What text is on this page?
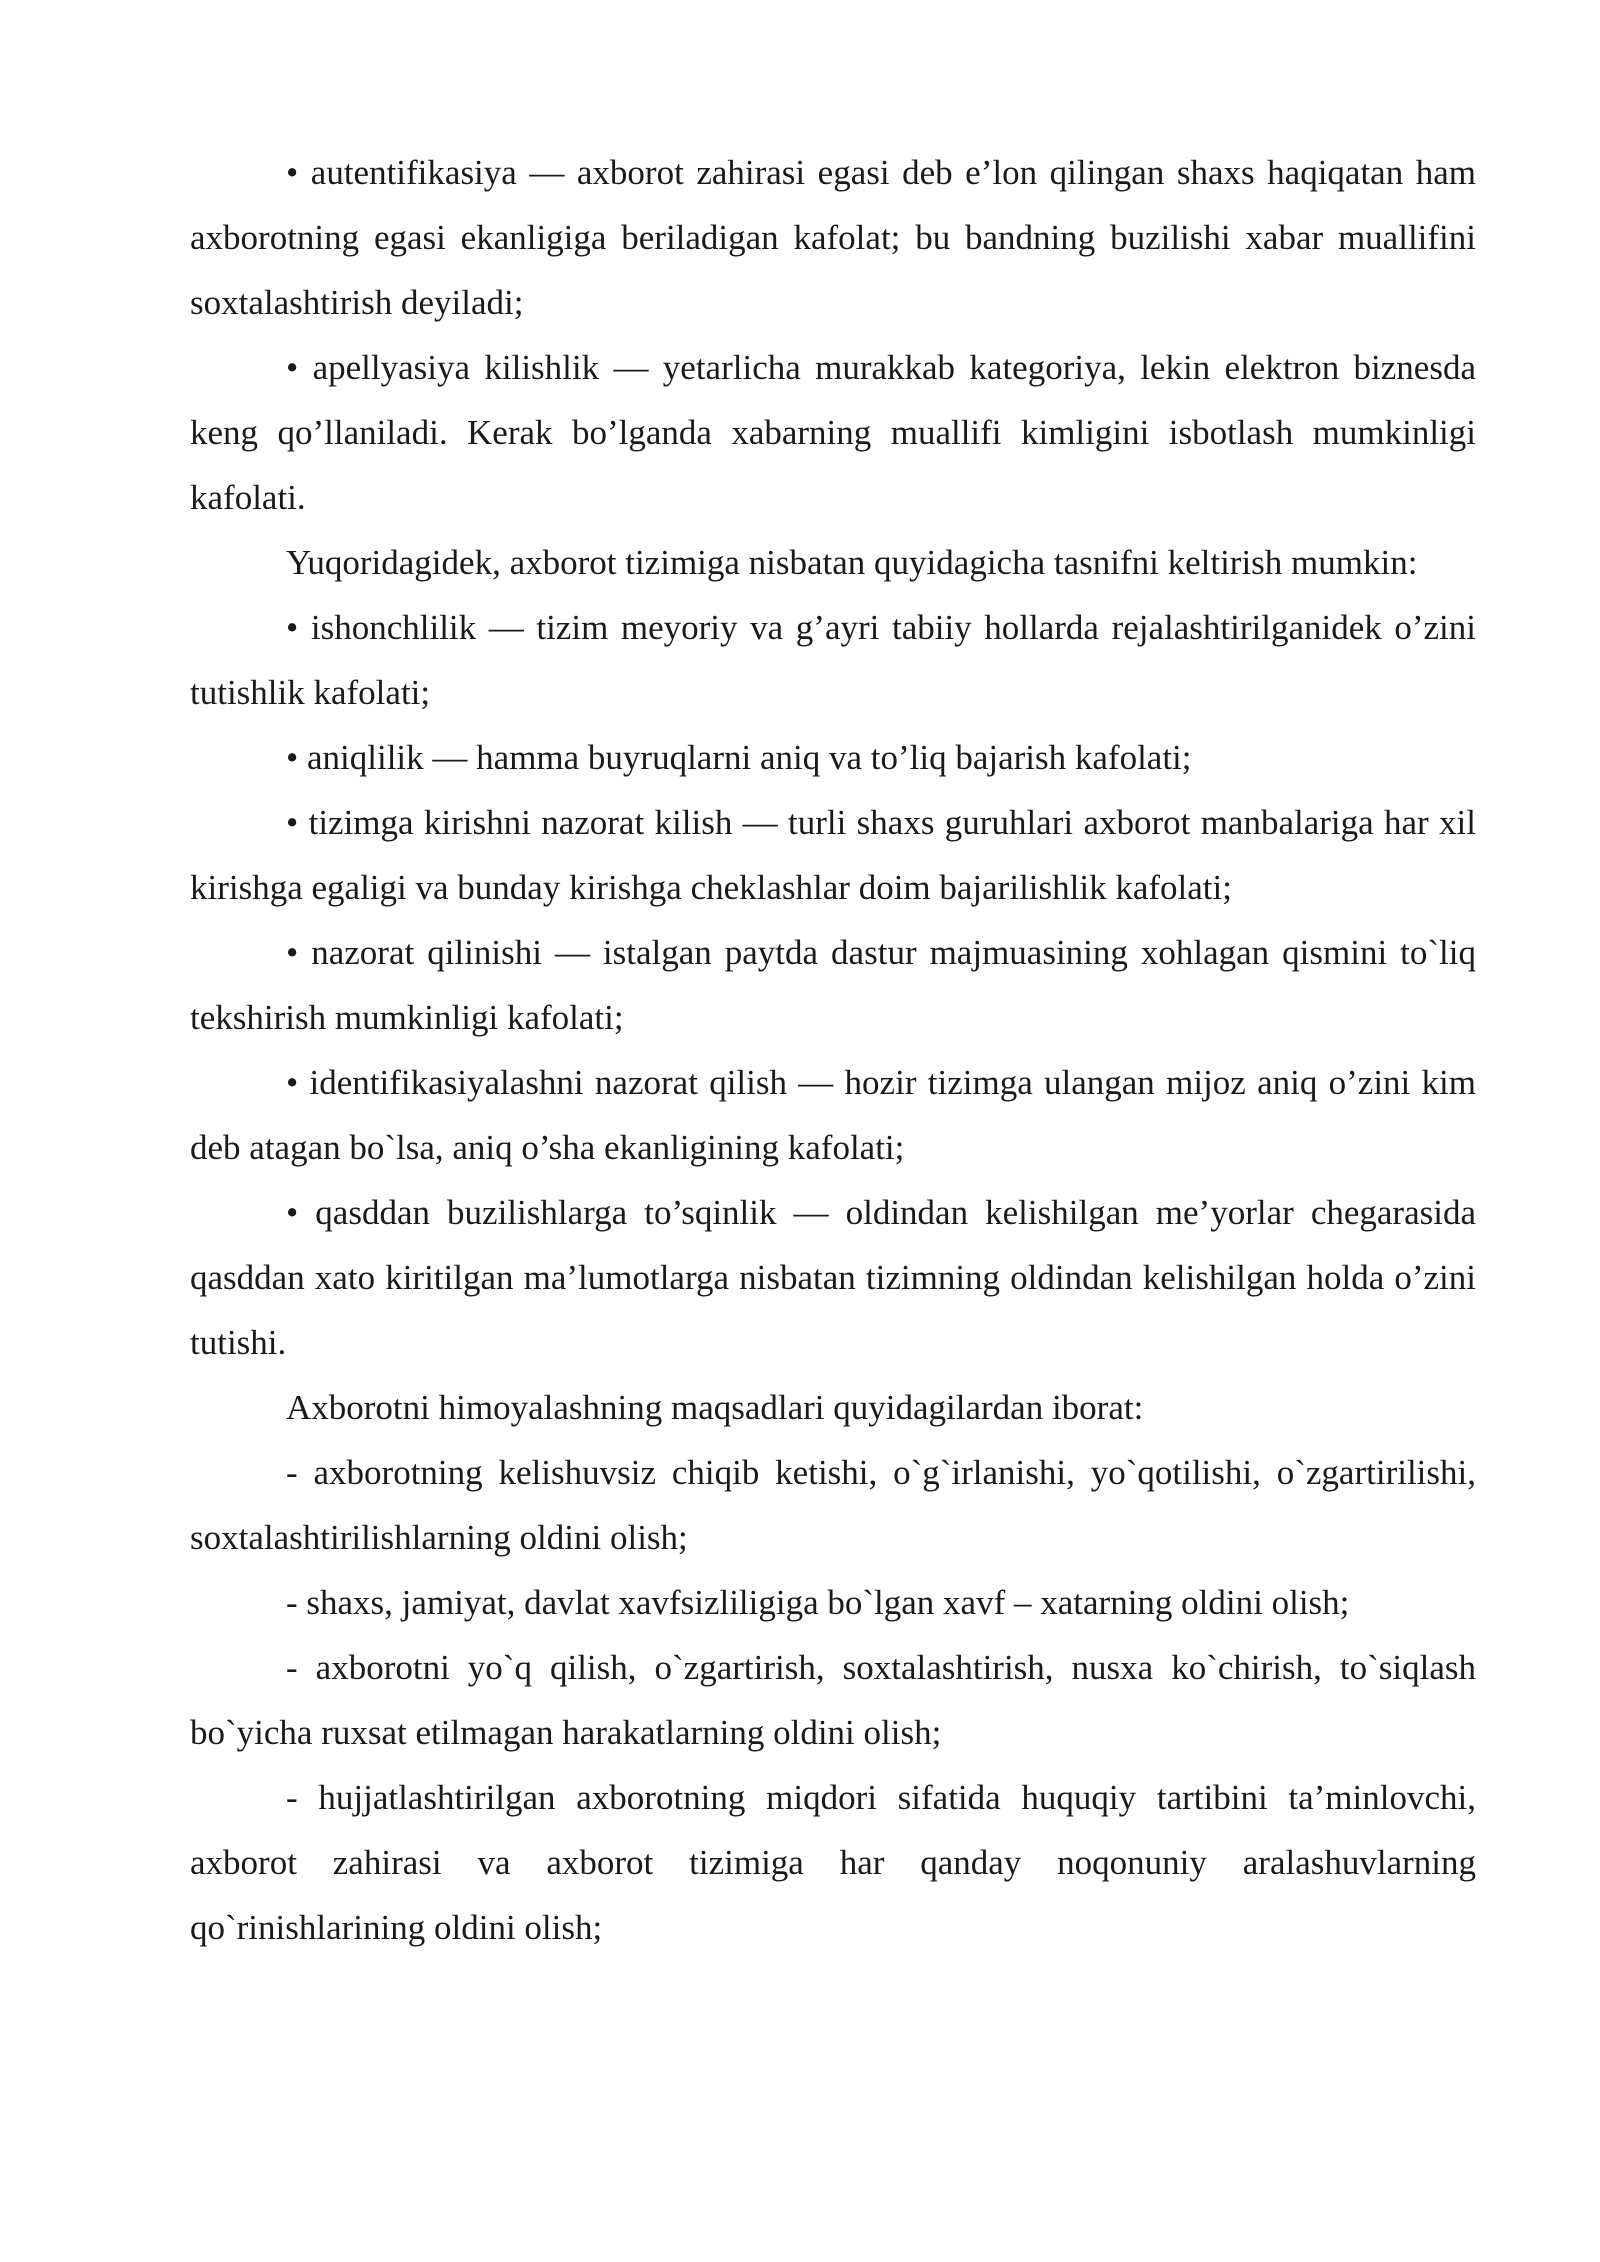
• autentifikasiya — axborot zahirasi egasi deb e’lon qilingan shaxs haqiqatan ham axborotning egasi ekanligiga beriladigan kafolat; bu bandning buzilishi xabar muallifini soxtalashtirish deyiladi;

• apellyasiya kilishlik — yetarlicha murakkab kategoriya, lekin elektron biznesda keng qo’llaniladi. Kerak bo’lganda xabarning muallifi kimligini isbotlash mumkinligi kafolati.

Yuqoridagidek, axborot tizimiga nisbatan quyidagicha tasnifni keltirish mumkin:

• ishonchlilik — tizim meyoriy va g’ayri tabiiy hollarda rejalashtirilganidek o’zini tutishlik kafolati;

• aniqlilik — hamma buyruqlarni aniq va to’liq bajarish kafolati;

• tizimga kirishni nazorat kilish — turli shaxs guruhlari axborot manbalariga har xil kirishga egaligi va bunday kirishga cheklashlar doim bajarilishlik kafolati;

• nazorat qilinishi — istalgan paytda dastur majmuasining xohlagan qismini to`liq tekshirish mumkinligi kafolati;

• identifikasiyalashni nazorat qilish — hozir tizimga ulangan mijoz aniq o’zini kim deb atagan bo`lsa, aniq o’sha ekanligining kafolati;

• qasddan buzilishlarga to’sqinlik — oldindan kelishilgan me’yorlar chegarasida qasddan xato kiritilgan ma’lumotlarga nisbatan tizimning oldindan kelishilgan holda o’zini tutishi.

Axborotni himoyalashning maqsadlari quyidagilardan iborat:

- axborotning kelishuvsiz chiqib ketishi, o`g`irlanishi, yo`qotilishi, o`zgartirilishi, soxtalashtirilishlarning oldini olish;

- shaxs, jamiyat, davlat xavfsizliligiga bo`lgan xavf – xatarning oldini olish;

- axborotni yo`q qilish, o`zgartirish, soxtalashtirish, nusxa ko`chirish, to`siqlash bo`yicha ruxsat etilmagan harakatlarning oldini olish;

- hujjatlashtirilgan axborotning miqdori sifatida huquqiy tartibini ta’minlovchi, axborot zahirasi va axborot tizimiga har qanday noqonuniy aralashuvlarning qo`rinishlarining oldini olish;
